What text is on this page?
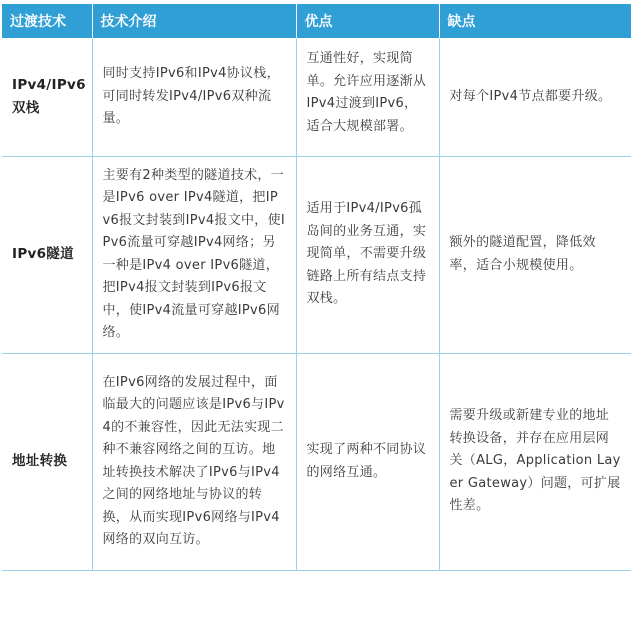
过渡技术	技术介绍	优点	缺点
IPv4/IPv6双栈	同时支持IPv6和IPv4协议栈，可同时转发IPv4/IPv6双种流量。	互通性好，实现简单。允许应用逐渐从IPv4过渡到IPv6，适合大规模部署。	对每个IPv4节点都要升级。
IPv6隧道	主要有2种类型的隧道技术，一是IPv6 over IPv4隧道，把IPv6报文封装到IPv4报文中，使IPv6流量可穿越IPv4网络；另一种是IPv4 over IPv6隧道，把IPv4报文封装到IPv6报文中，使IPv4流量可穿越IPv6网络。	适用于IPv4/IPv6孤岛间的业务互通，实现简单，不需要升级链路上所有结点支持双栈。	额外的隧道配置，降低效率，适合小规模使用。
地址转换	在IPv6网络的发展过程中，面临最大的问题应该是IPv6与IPv4的不兼容性，因此无法实现二种不兼容网络之间的互访。地址转换技术解决了IPv6与IPv4之间的网络地址与协议的转换，从而实现IPv6网络与IPv4网络的双向互访。	实现了两种不同协议的网络互通。	需要升级或新建专业的地址转换设备，并存在应用层网关（ALG，Application Layer Gateway）问题，可扩展性差。
